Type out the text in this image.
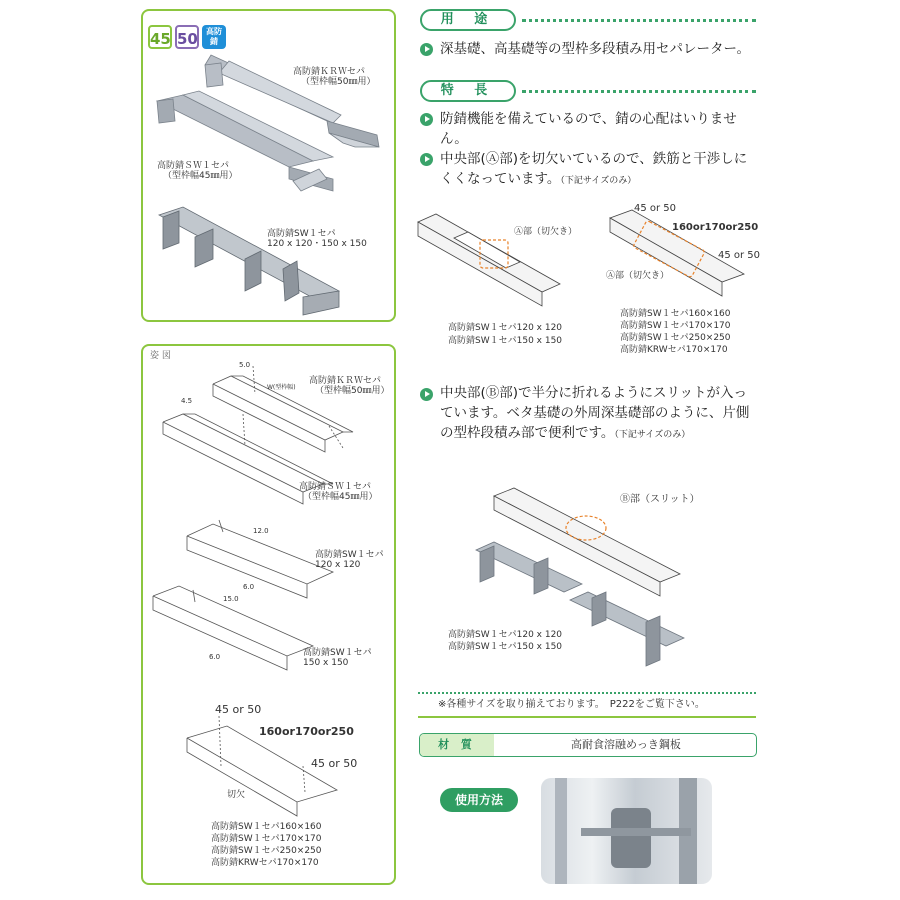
45 50	高防
錆
高防錆ＫＲＷセパ
（型枠幅50㎜用）
高防錆ＳＷ１セパ
（型枠幅45㎜用）
高防錆SW１セパ
120 x 120・150 x 150
姿 図
高防錆ＫＲＷセパ
（型枠幅50㎜用）
5.0
W(型枠幅)
4.5
高防錆ＳＷ１セパ
（型枠幅45㎜用）
12.0
高防錆SW１セパ
120 x 120
6.0
15.0
高防錆SW１セパ
150 x 150
6.0
45 or 50
160or170or250
45 or 50
切欠
高防錆SW１セパ160×160
高防錆SW１セパ170×170
高防錆SW１セパ250×250
高防錆KRWセパ170×170
用 途
深基礎、高基礎等の型枠多段積み用セパレーター。
特 長
防錆機能を備えているので、錆の心配はいりません。
中央部(Ⓐ部)を切欠いているので、鉄筋と干渉しにくくなっています。（下記サイズのみ）
Ⓐ部（切欠き）
Ⓐ部（切欠き）
45 or 50
160or170or250
45 or 50
高防錆SW１セパ120 x 120
高防錆SW１セパ150 x 150
高防錆SW１セパ160×160
高防錆SW１セパ170×170
高防錆SW１セパ250×250
高防錆KRWセパ170×170
中央部(Ⓑ部)で半分に折れるようにスリットが入っています。ベタ基礎の外周深基礎部のように、片側の型枠段積み部で便利です。（下記サイズのみ）
Ⓑ部（スリット）
高防錆SW１セパ120 x 120
高防錆SW１セパ150 x 150
※各種サイズを取り揃えております。　P222をご覧下さい。
材 質	高耐食溶融めっき鋼板
使用方法
